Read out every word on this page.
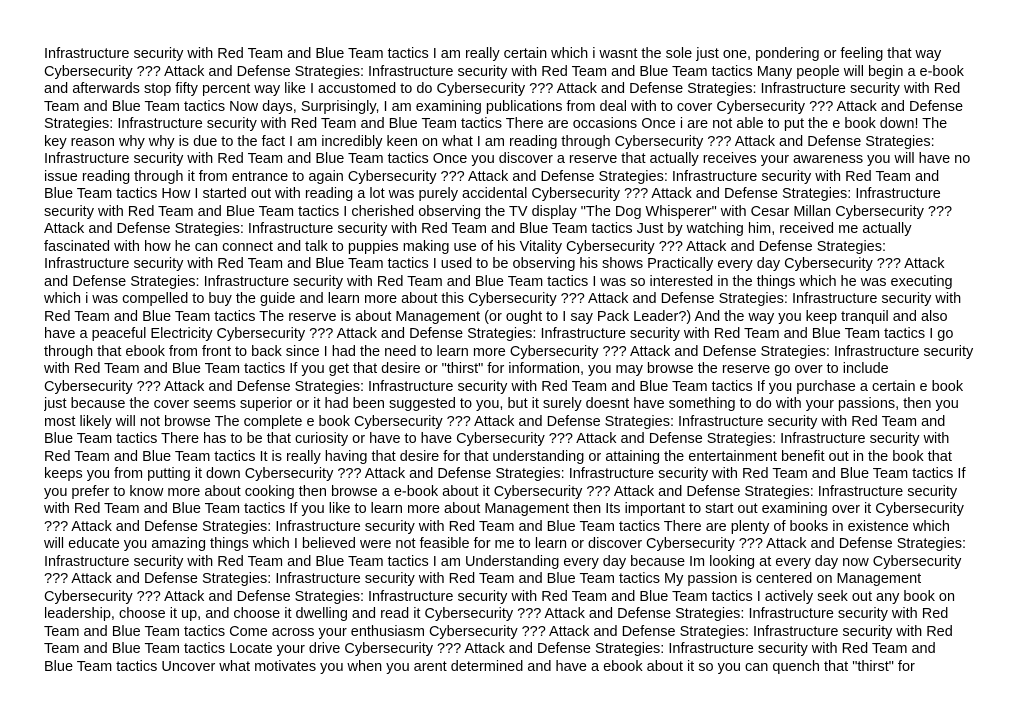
Infrastructure security with Red Team and Blue Team tactics I am really certain which i wasnt the sole just one, pondering or feeling that way
Cybersecurity ??? Attack and Defense Strategies: Infrastructure security with Red Team and Blue Team tactics Many people will begin a e-book
and afterwards stop fifty percent way like I accustomed to do Cybersecurity ??? Attack and Defense Strategies: Infrastructure security with Red
Team and Blue Team tactics Now days, Surprisingly, I am examining publications from deal with to cover Cybersecurity ??? Attack and Defense
Strategies: Infrastructure security with Red Team and Blue Team tactics There are occasions Once i are not able to put the e book down! The
key reason why why is due to the fact I am incredibly keen on what I am reading through Cybersecurity ??? Attack and Defense Strategies:
Infrastructure security with Red Team and Blue Team tactics Once you discover a reserve that actually receives your awareness you will have no
issue reading through it from entrance to again Cybersecurity ??? Attack and Defense Strategies: Infrastructure security with Red Team and
Blue Team tactics How I started out with reading a lot was purely accidental Cybersecurity ??? Attack and Defense Strategies: Infrastructure
security with Red Team and Blue Team tactics I cherished observing the TV display "The Dog Whisperer" with Cesar Millan Cybersecurity ???
Attack and Defense Strategies: Infrastructure security with Red Team and Blue Team tactics Just by watching him, received me actually
fascinated with how he can connect and talk to puppies making use of his Vitality Cybersecurity ??? Attack and Defense Strategies:
Infrastructure security with Red Team and Blue Team tactics I used to be observing his shows Practically every day Cybersecurity ??? Attack
and Defense Strategies: Infrastructure security with Red Team and Blue Team tactics I was so interested in the things which he was executing
which i was compelled to buy the guide and learn more about this Cybersecurity ??? Attack and Defense Strategies: Infrastructure security with
Red Team and Blue Team tactics The reserve is about Management (or ought to I say Pack Leader?) And the way you keep tranquil and also
have a peaceful Electricity Cybersecurity ??? Attack and Defense Strategies: Infrastructure security with Red Team and Blue Team tactics I go
through that ebook from front to back since I had the need to learn more Cybersecurity ??? Attack and Defense Strategies: Infrastructure security
with Red Team and Blue Team tactics If you get that desire or "thirst" for information, you may browse the reserve go over to include
Cybersecurity ??? Attack and Defense Strategies: Infrastructure security with Red Team and Blue Team tactics If you purchase a certain e book
just because the cover seems superior or it had been suggested to you, but it surely doesnt have something to do with your passions, then you
most likely will not browse The complete e book Cybersecurity ??? Attack and Defense Strategies: Infrastructure security with Red Team and
Blue Team tactics There has to be that curiosity or have to have Cybersecurity ??? Attack and Defense Strategies: Infrastructure security with
Red Team and Blue Team tactics It is really having that desire for that understanding or attaining the entertainment benefit out in the book that
keeps you from putting it down Cybersecurity ??? Attack and Defense Strategies: Infrastructure security with Red Team and Blue Team tactics If
you prefer to know more about cooking then browse a e-book about it Cybersecurity ??? Attack and Defense Strategies: Infrastructure security
with Red Team and Blue Team tactics If you like to learn more about Management then Its important to start out examining over it Cybersecurity
??? Attack and Defense Strategies: Infrastructure security with Red Team and Blue Team tactics There are plenty of books in existence which
will educate you amazing things which I believed were not feasible for me to learn or discover Cybersecurity ??? Attack and Defense Strategies:
Infrastructure security with Red Team and Blue Team tactics I am Understanding every day because Im looking at every day now Cybersecurity
??? Attack and Defense Strategies: Infrastructure security with Red Team and Blue Team tactics My passion is centered on Management
Cybersecurity ??? Attack and Defense Strategies: Infrastructure security with Red Team and Blue Team tactics I actively seek out any book on
leadership, choose it up, and choose it dwelling and read it Cybersecurity ??? Attack and Defense Strategies: Infrastructure security with Red
Team and Blue Team tactics Come across your enthusiasm Cybersecurity ??? Attack and Defense Strategies: Infrastructure security with Red
Team and Blue Team tactics Locate your drive Cybersecurity ??? Attack and Defense Strategies: Infrastructure security with Red Team and
Blue Team tactics Uncover what motivates you when you arent determined and have a ebook about it so you can quench that "thirst" for
